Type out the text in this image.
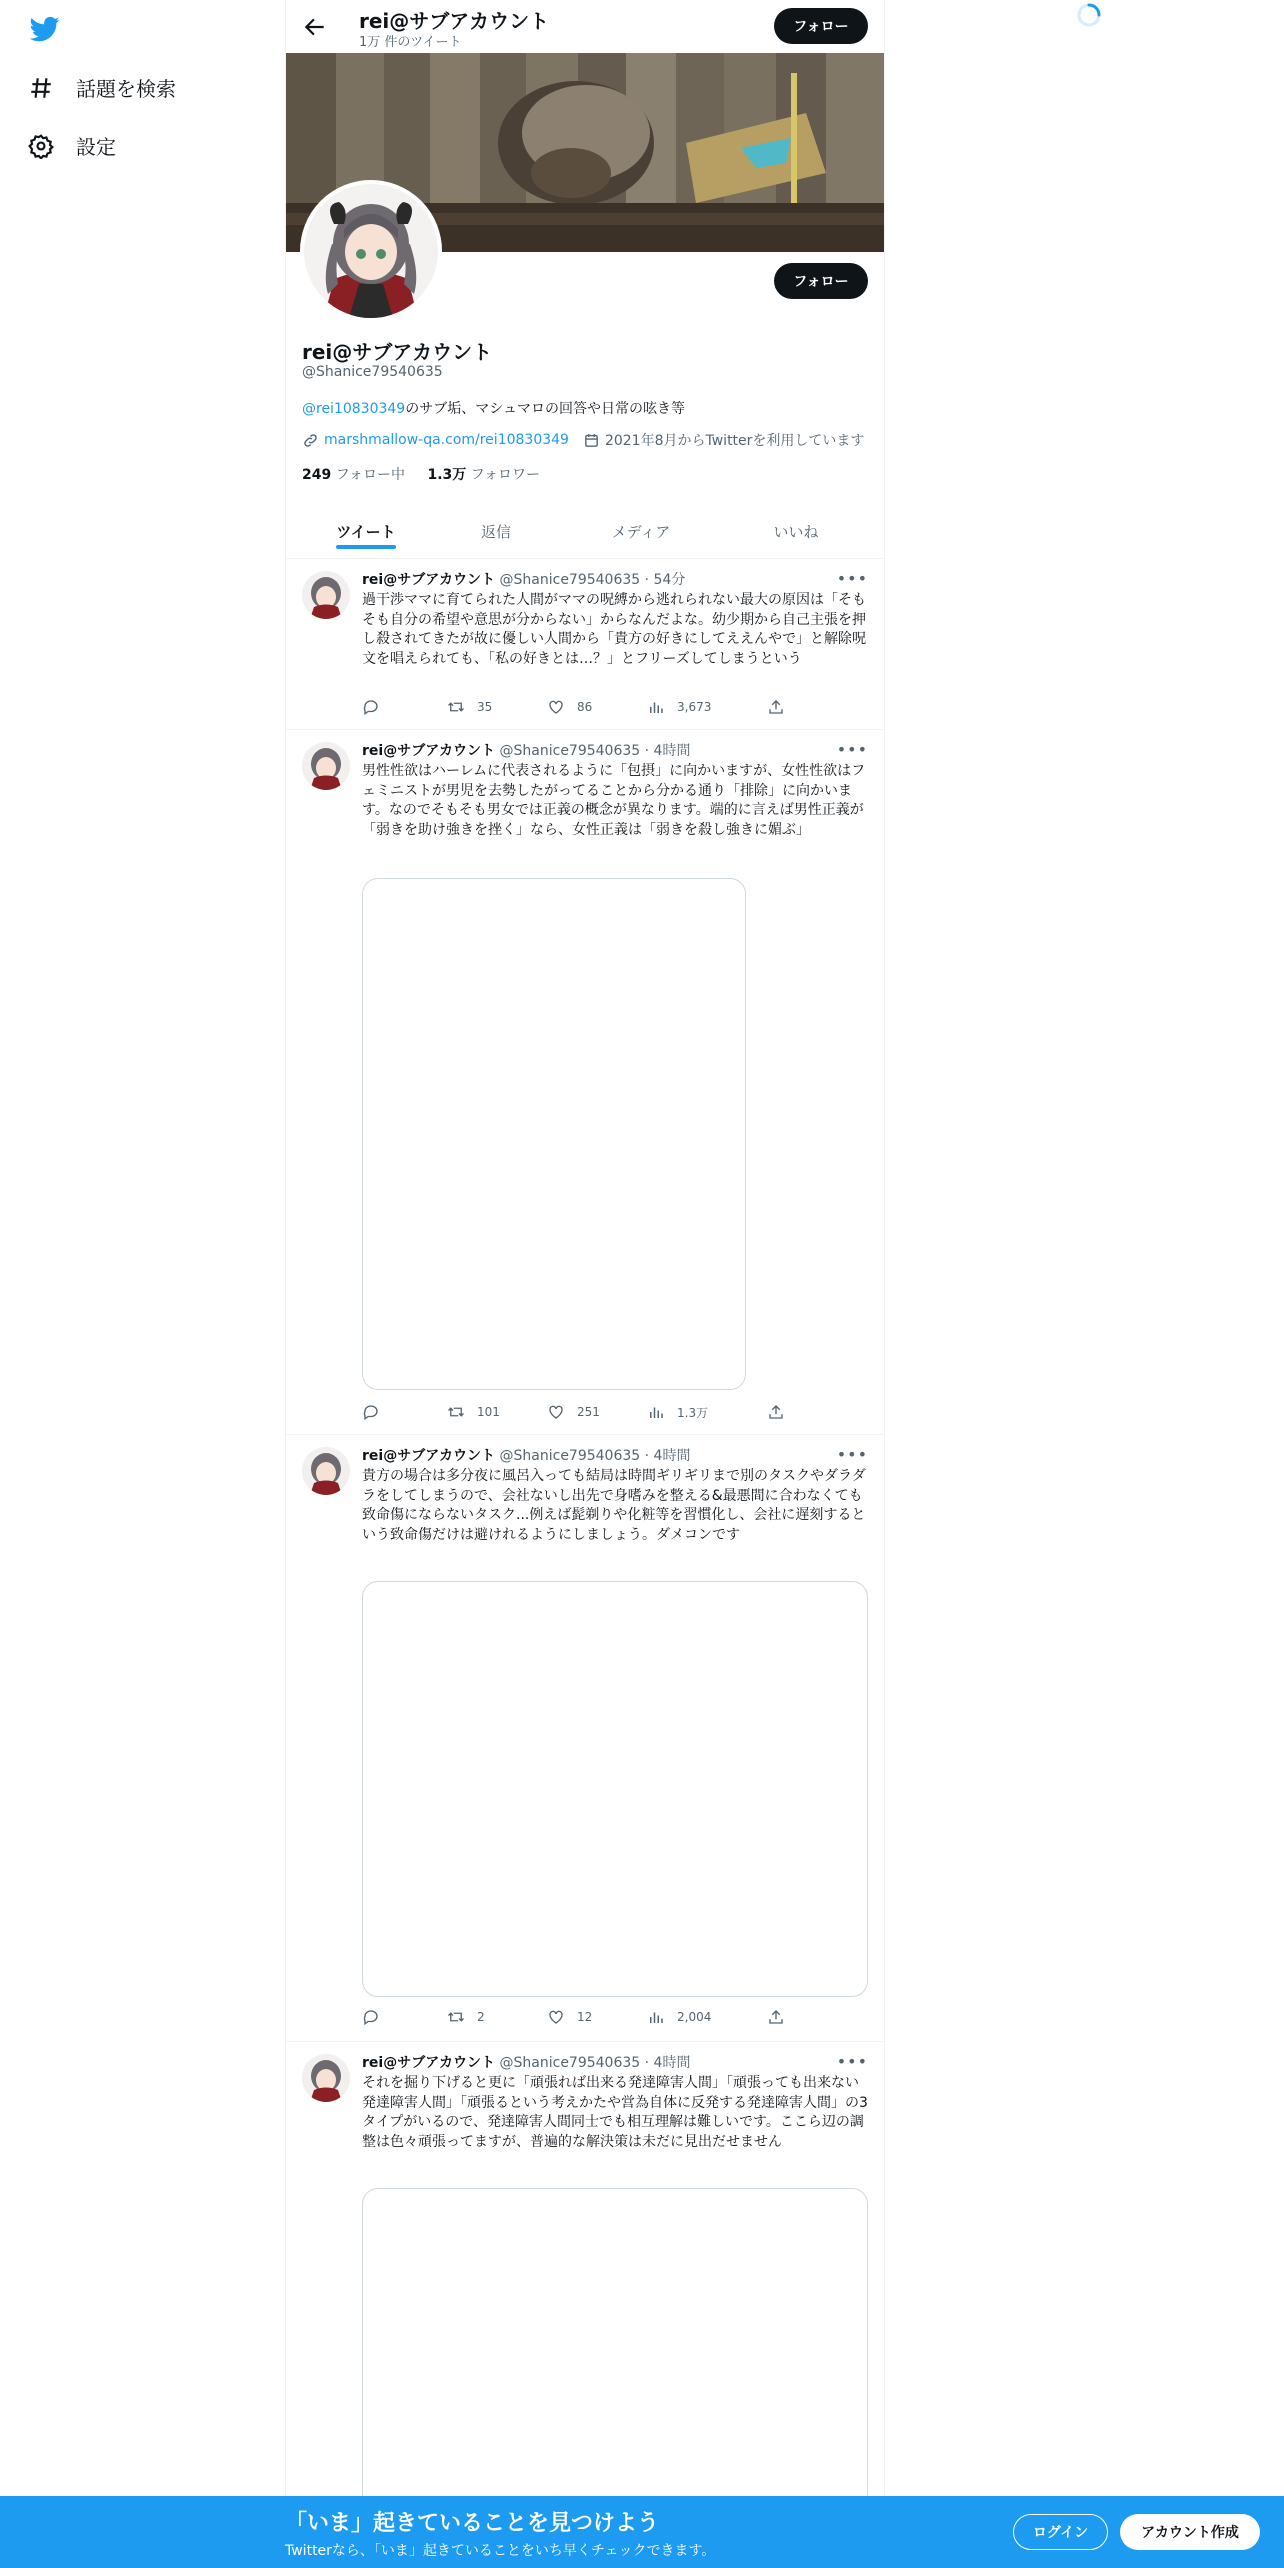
話題を検索
設定
rei@サブアカウント
1万 件のツイート
フォロー
フォロー
rei@サブアカウント
@Shanice79540635
@rei10830349のサブ垢、マシュマロの回答や日常の呟き等
marshmallow-qa.com/rei10830349	2021年8月からTwitterを利用しています
249 フォロー中 1.3万 フォロワー
ツイート	返信	メディア	いいね
rei@サブアカウント @Shanice79540635 · 54分	•••
過干渉ママに育てられた人間がママの呪縛から逃れられない最大の原因は「そもそも自分の希望や意思が分からない」からなんだよな。幼少期から自己主張を押し殺されてきたが故に優しい人間から「貴方の好きにしてええんやで」と解除呪文を唱えられても、「私の好きとは…？」とフリーズしてしまうという
35	86	3,673
rei@サブアカウント @Shanice79540635 · 4時間	•••
男性性欲はハーレムに代表されるように「包摂」に向かいますが、女性性欲はフェミニストが男児を去勢したがってることから分かる通り「排除」に向かいます。なのでそもそも男女では正義の概念が異なります。端的に言えば男性正義が「弱きを助け強きを挫く」なら、女性正義は「弱きを殺し強きに媚ぶ」
101	251	1.3万
rei@サブアカウント @Shanice79540635 · 4時間	•••
貴方の場合は多分夜に風呂入っても結局は時間ギリギリまで別のタスクやダラダラをしてしまうので、会社ないし出先で身嗜みを整える&最悪間に合わなくても致命傷にならないタスク...例えば髭剃りや化粧等を習慣化し、会社に遅刻するという致命傷だけは避けれるようにしましょう。ダメコンです
2	12	2,004
rei@サブアカウント @Shanice79540635 · 4時間	•••
それを掘り下げると更に「頑張れば出来る発達障害人間」「頑張っても出来ない発達障害人間」「頑張るという考えかたや営為自体に反発する発達障害人間」の3タイプがいるので、発達障害人間同士でも相互理解は難しいです。ここら辺の調整は色々頑張ってますが、普遍的な解決策は未だに見出だせません
「いま」起きていることを見つけよう
Twitterなら、「いま」起きていることをいち早くチェックできます。
ログイン	アカウント作成
